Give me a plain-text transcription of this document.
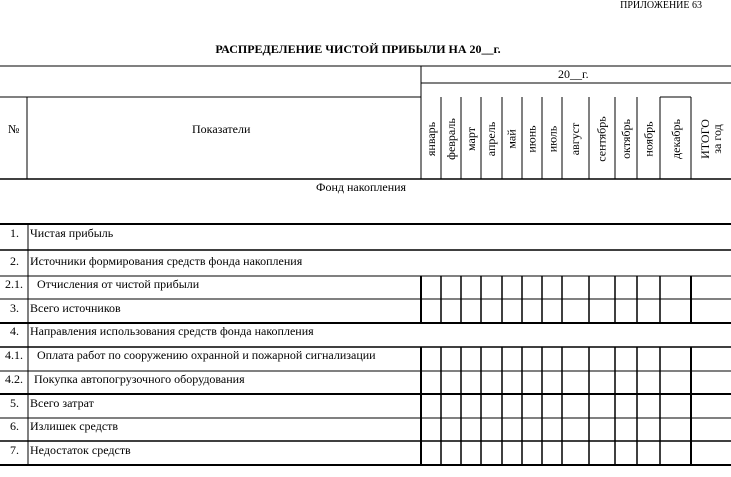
ПРИЛОЖЕНИЕ 63
РАСПРЕДЕЛЕНИЕ ЧИСТОЙ ПРИБЫЛИ НА 20__г.
№	Показатели
20__г.
январь февраль март апрель май июнь июль август сентябрь октябрь ноябрь декабрь ИТОГО
за год
Фонд накопления
1. Чистая прибыль
2. Источники формирования средств фонда накопления
2.1. Отчисления от чистой прибыли
3. Всего источников
4. Направления использования средств фонда накопления
4.1. Оплата работ по сооружению охранной и пожарной сигнализации
4.2. Покупка автопогрузочного оборудования
5. Всего затрат
6. Излишек средств
7. Недостаток средств
